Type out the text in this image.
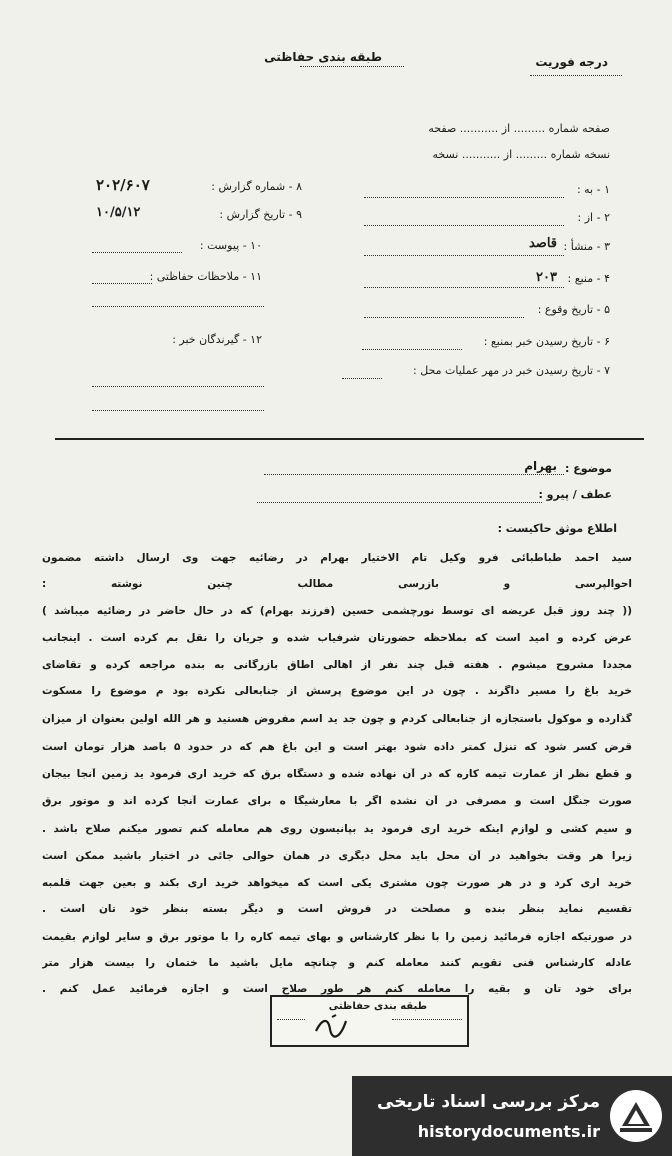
طبقه بندی حفاظتی	درجه فوریت
صفحه شماره ......... از ........... صفحه
نسخه شماره ......... از ........... نسخه
۱ - به :
۲ - از :
۳ - منشأ :
قاصد
۴ - منبع :
۲۰۳
۵ - تاریخ وقوع :
۶ - تاریخ رسیدن خبر بمنبع :
۷ - تاریخ رسیدن خبر در مهر عملیات محل :
۸ - شماره گزارش :
۲۰۲/۶۰۷
۹ - تاریخ گزارش :
۱۰/۵/۱۲
۱۰ - پیوست :
۱۱ - ملاحظات حفاظتی :
۱۲ - گیرندگان خبر :
موضوع :
بهرام
عطف / پیرو :
اطلاع موثق حاکیست :
سید احمد طباطبائی فرو وکیل تام الاختیار بهرام در رضائیه جهت وی ارسال داشته مضمون
احوالپرسی و بازرسی مطالب چنین نوشته :
(( چند روز قبل عریضه ای توسط نورچشمی حسین (فرزند بهرام) که در حال حاضر در رضائیه میباشد )
عرض کرده و امید است که بملاحظه حضورتان شرفیاب شده و جریان را نقل بم کرده است . اینجانب
مجدداً مشروح میشوم . هفته قبل چند نفر از اهالی اطاق بازرگانی به بنده مراجعه کرده و تقاضای
خرید باغ را مسیر داگرند . چون در این موضوع پرسش از جنابعالی نکرده بود م موضوع را مسکوت
گذارده و موکول باستجازه از جنابعالی کردم و چون جد ید اسم مفروض هستید و هر الله اولین بعنوان از میزان
قرض کسر شود که تنزل کمتر داده شود بهتر است و این باغ هم که در حدود ۵ باصد هزار تومان است
و قطع نظر از عمارت تیمه کاره که در آن نهاده شده و دستگاه برق که خرید اری فرمود ید زمین آنجا بیجان
صورت جنگل است و مصرفی در آن نشده اگر با معارشیگا ه برای عمارت آنجا کرده اند و موتور برق
و سیم کشی و لوازم اینکه خرید اری فرمود ید بپانیسون روی هم معامله کنم تصور میکنم صلاح باشد .
زیرا هر وقت بخواهید در آن محل باید محل دیگری در همان حوالی جائی در اختیار باشید ممکن است
خرید اری کرد و در هر صورت چون مشتری یکی است که میخواهد خرید اری بکند و بعین جهت قلمبه
تقسیم نماید بنظر بنده و مصلحت در فروش است و دیگر بسته بنظر خود تان است .
در صورتیکه اجازه فرمائید زمین را با نظر کارشناس و بهای تیمه کاره را با موتور برق و سایر لوازم بقیمت
عادله کارشناس فنی تقویم کنند معامله کنم و چنانچه مایل باشید ما ختمان را بیست هزار متر
برای خود تان و بقیه را معامله کنم هر طور صلاح است و اجازه فرمائید عمل کنم .
طبقه بندی حفاظتی
مرکز بررسی اسناد تاریخی
historydocuments.ir
